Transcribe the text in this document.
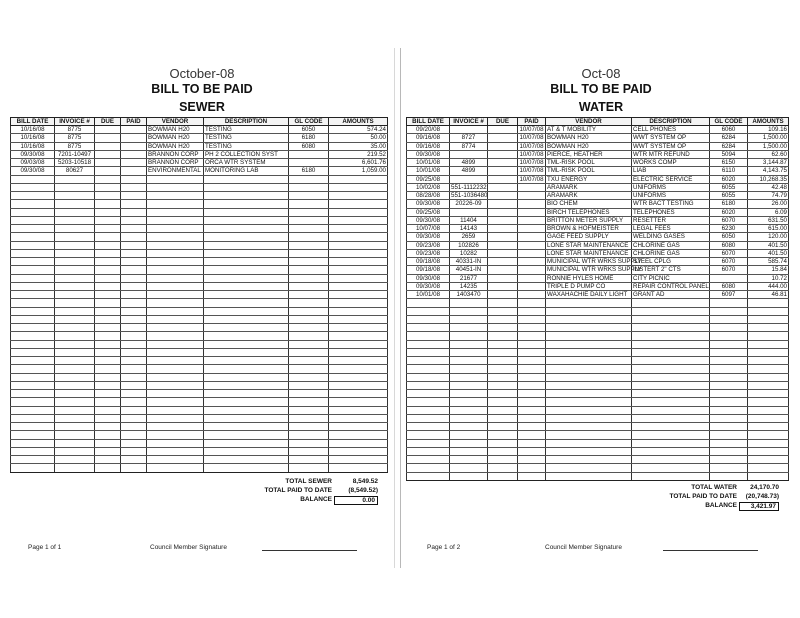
October-08
BILL TO BE PAID
SEWER
BILL DATE	INVOICE #	DUE	PAID	VENDOR	DESCRIPTION	GL CODE	AMOUNTS
10/16/08	8775			BOWMAN H20	TESTING	6050	574.24
10/16/08	8775			BOWMAN H20	TESTING	6180	50.00
10/16/08	8775			BOWMAN H20	TESTING	6080	35.00
09/30/08	7201-10497			BRANNON CORP	PH 2 COLLECTION SYST		219.52
09/03/08	5203-10518			BRANNON CORP	ORCA WTR SYSTEM		6,601.76
09/30/08	80627			ENVIRONMENTAL	MONITORING LAB	6180	1,059.00

TOTAL SEWER	8,549.52
TOTAL PAID TO DATE	(8,549.52)
BALANCE	0.00
Page 1 of 1	Council Member Signature
Oct-08
BILL TO BE PAID
WATER
BILL DATE	INVOICE #	DUE	PAID	VENDOR	DESCRIPTION	GL CODE	AMOUNTS
09/20/08			10/07/08	AT & T MOBILITY	CELL PHONES	6060	109.16
09/16/08	8727		10/07/08	BOWMAN H20	WWT SYSTEM OP	6284	1,500.00
09/16/08	8774		10/07/08	BOWMAN H20	WWT SYSTEM OP	6284	1,500.00
09/30/08			10/07/08	PIERCE, HEATHER	WTR MTR REFUND	5094	62.60
10/01/08	4899		10/07/08	TML-RISK POOL	WORKS COMP	6150	3,144.87
10/01/08	4899		10/07/08	TML-RISK POOL	LIAB	6110	4,143.75
09/25/08			10/07/08	TXU ENERGY	ELECTRIC SERVICE	6020	10,268.35
10/02/08	551-1112232			ARAMARK	UNIFORMS	6055	42.48
08/28/08	551-1036480			ARAMARK	UNIFORMS	6055	74.79
09/30/08	20226-09			BIO CHEM	WTR BACT TESTING	6180	26.00
09/25/08				BIRCH TELEPHONES	TELEPHONES	6020	6.09
09/30/08	11404			BRITTON METER SUPPLY	RESETTER	6070	631.50
10/07/08	14143			BROWN & HOFMEISTER	LEGAL FEES	6230	615.00
09/30/08	2659			GAGE FEED SUPPLY	WELDING GASES	6050	120.00
09/23/08	102826			LONE STAR MAINTENANCE	CHLORINE GAS	6080	401.50
09/23/08	10282			LONE STAR MAINTENANCE	CHLORINE GAS	6070	401.50
09/18/08	40331-IN			MUNICIPAL WTR WRKS SUPPLY	STEEL CPLG	6070	585.74
09/18/08	40451-IN			MUNICIPAL WTR WRKS SUPPLY	INSTERT 2" CTS	6070	15.84
09/30/08	21677			RONNIE HYLES HOME	CITY PICNIC		10.72
09/30/08	14235			TRIPLE D PUMP CO	REPAIR CONTROL PANEL	6080	444.00
10/01/08	1403470			WAXAHACHIE DAILY LIGHT	GRANT AD	6097	46.81

TOTAL WATER 24,170.70
TOTAL PAID TO DATE (20,748.73)
BALANCE	3,421.97
Page 1 of 2	Council Member Signature
